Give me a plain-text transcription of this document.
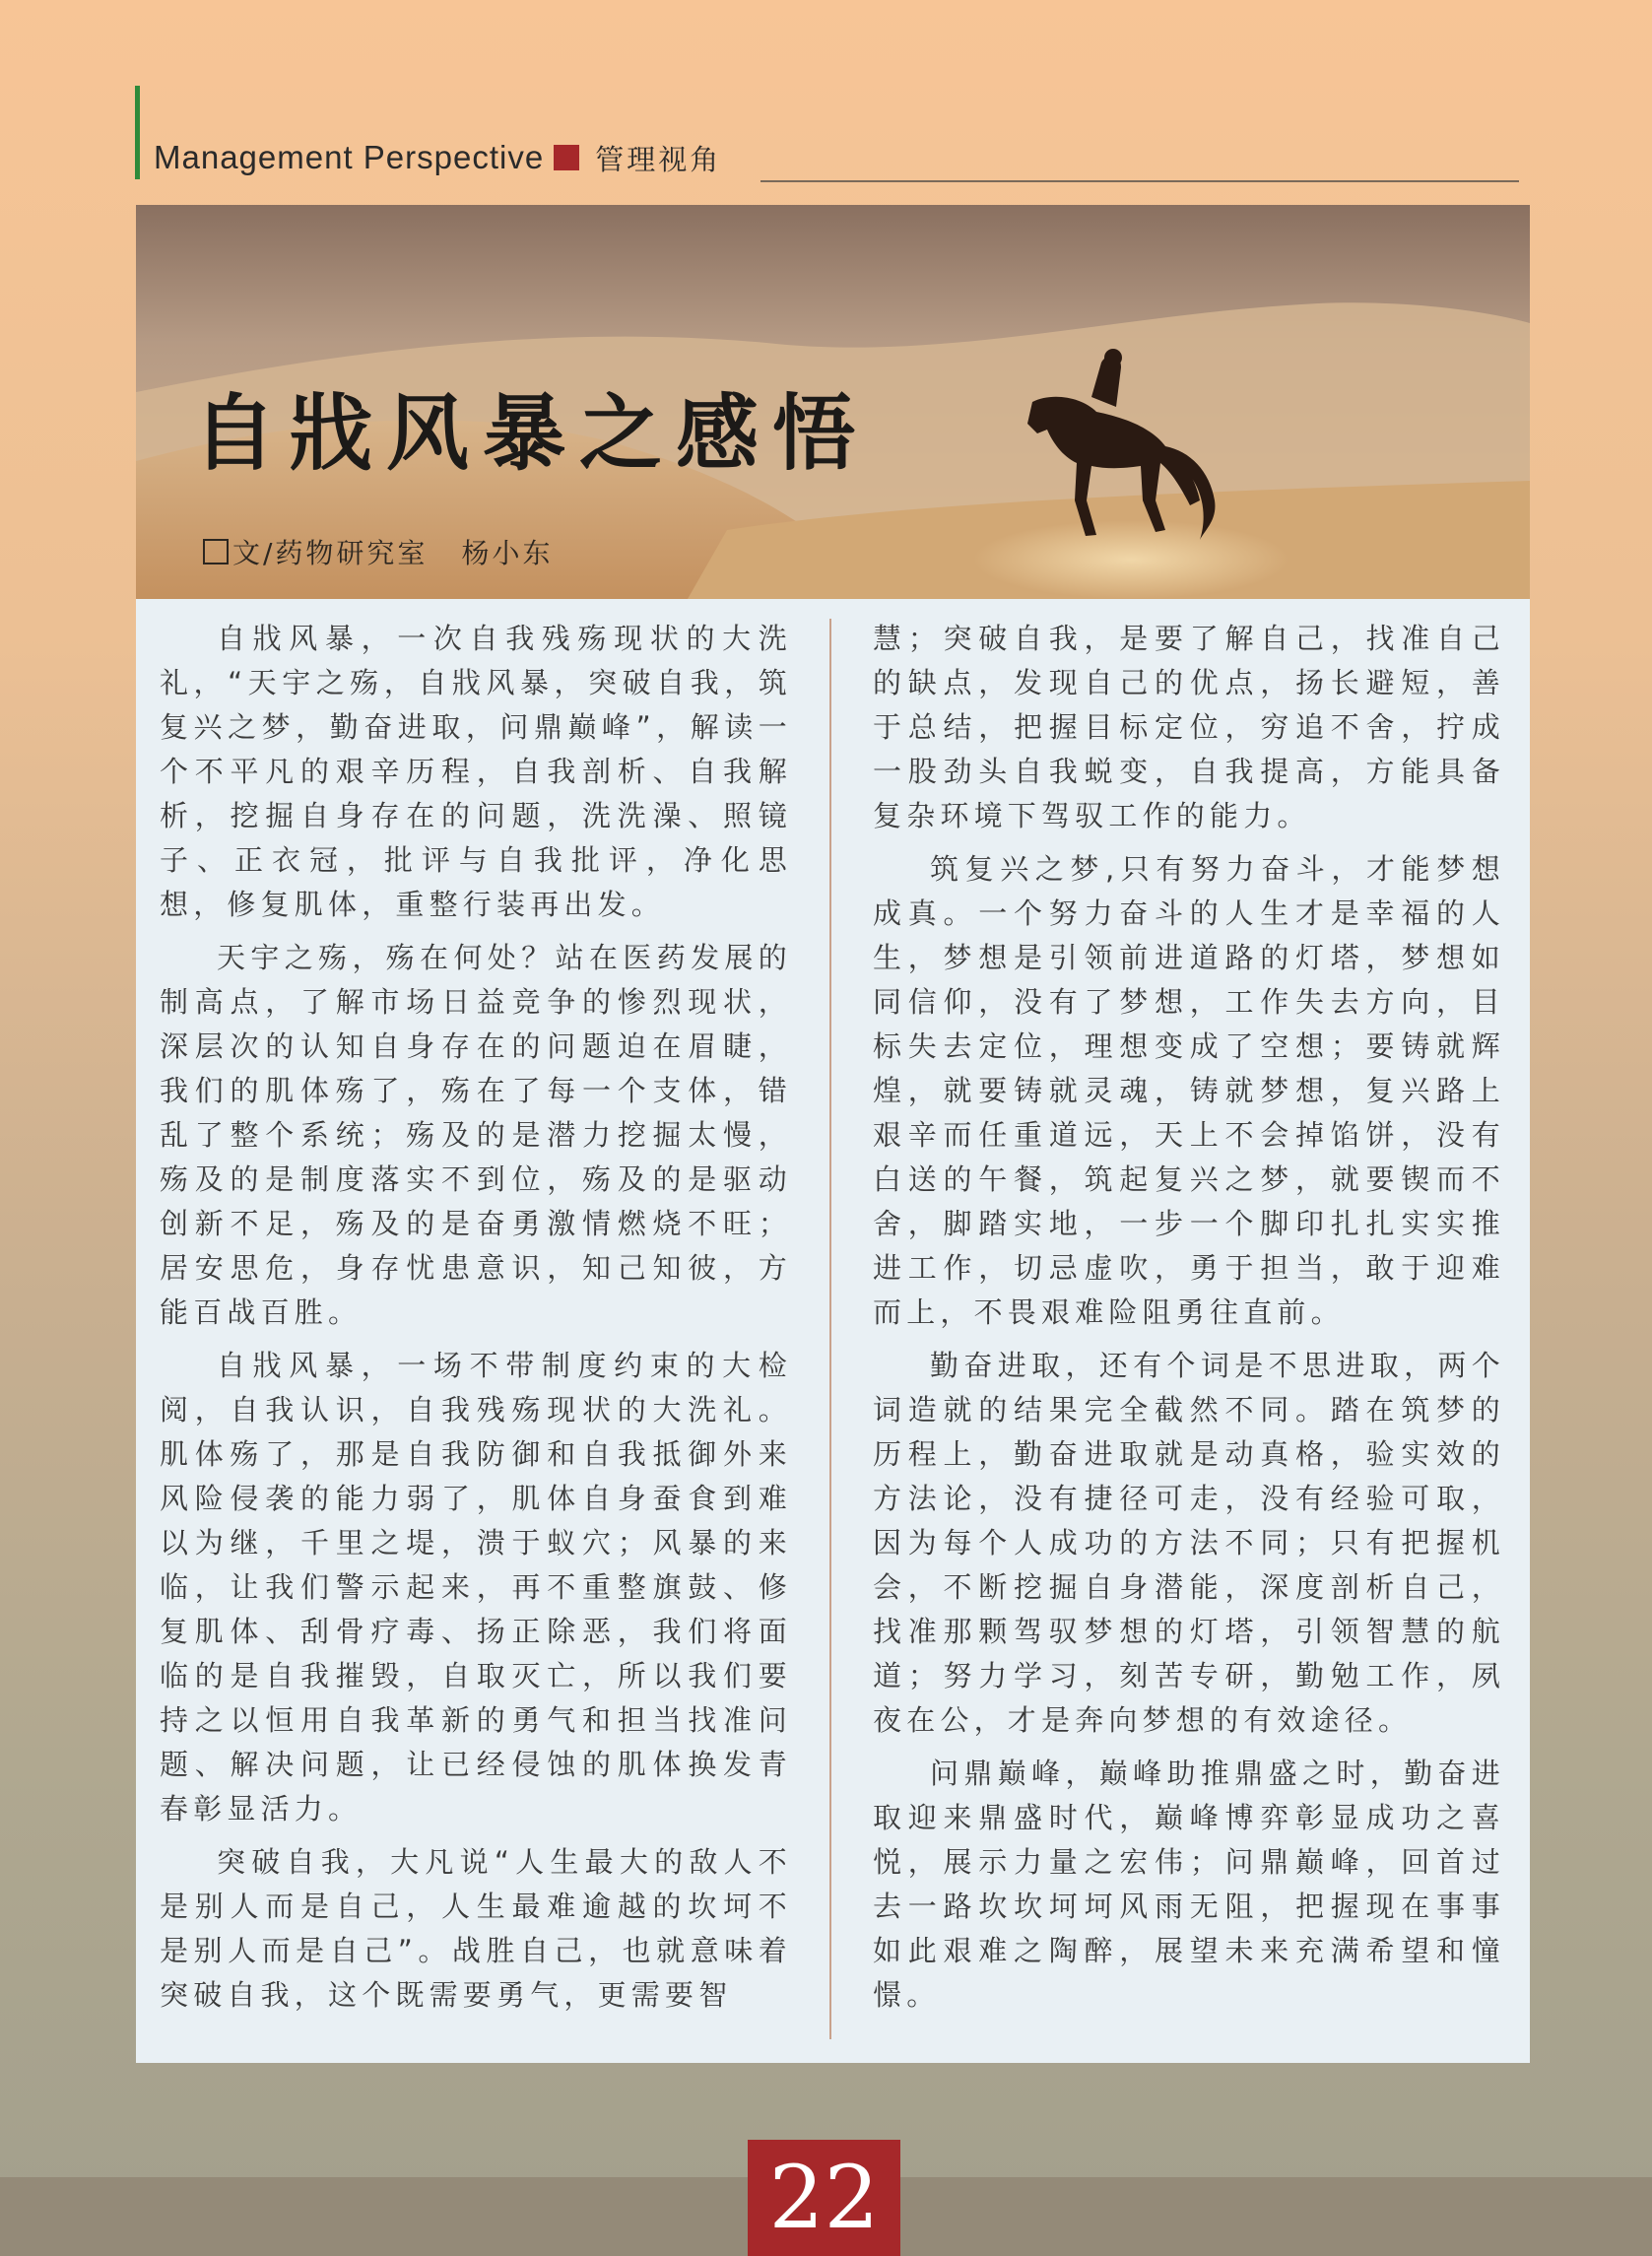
Management Perspective 管理视角
自戕风暴之感悟
文/药物研究室 杨小东

自戕风暴，一次自我残殇现状的大洗礼，“天宇之殇，自戕风暴，突破自我，筑复兴之梦，勤奋进取，问鼎巅峰”，解读一个不平凡的艰辛历程，自我剖析、自我解析，挖掘自身存在的问题，洗洗澡、照镜子、正衣冠，批评与自我批评，净化思想，修复肌体，重整行装再出发。

天宇之殇，殇在何处？站在医药发展的制高点，了解市场日益竞争的惨烈现状，深层次的认知自身存在的问题迫在眉睫，我们的肌体殇了，殇在了每一个支体，错乱了整个系统；殇及的是潜力挖掘太慢，殇及的是制度落实不到位，殇及的是驱动创新不足，殇及的是奋勇激情燃烧不旺；居安思危，身存忧患意识，知己知彼，方能百战百胜。

自戕风暴，一场不带制度约束的大检阅，自我认识，自我残殇现状的大洗礼。肌体殇了，那是自我防御和自我抵御外来风险侵袭的能力弱了，肌体自身蚕食到难以为继，千里之堤，溃于蚁穴；风暴的来临，让我们警示起来，再不重整旗鼓、修复肌体、刮骨疗毒、扬正除恶，我们将面临的是自我摧毁，自取灭亡，所以我们要持之以恒用自我革新的勇气和担当找准问题、解决问题，让已经侵蚀的肌体换发青春彰显活力。

突破自我，大凡说“人生最大的敌人不是别人而是自己，人生最难逾越的坎坷不是别人而是自己”。战胜自己，也就意味着突破自我，这个既需要勇气，更需要智

慧；突破自我，是要了解自己，找准自己的缺点，发现自己的优点，扬长避短，善于总结，把握目标定位，穷追不舍，拧成一股劲头自我蜕变，自我提高，方能具备复杂环境下驾驭工作的能力。

筑复兴之梦,只有努力奋斗，才能梦想成真。一个努力奋斗的人生才是幸福的人生，梦想是引领前进道路的灯塔，梦想如同信仰，没有了梦想，工作失去方向，目标失去定位，理想变成了空想；要铸就辉煌，就要铸就灵魂，铸就梦想，复兴路上艰辛而任重道远，天上不会掉馅饼，没有白送的午餐，筑起复兴之梦，就要锲而不舍，脚踏实地，一步一个脚印扎扎实实推进工作，切忌虚吹，勇于担当，敢于迎难而上，不畏艰难险阻勇往直前。

勤奋进取，还有个词是不思进取，两个词造就的结果完全截然不同。踏在筑梦的历程上，勤奋进取就是动真格，验实效的方法论，没有捷径可走，没有经验可取，因为每个人成功的方法不同；只有把握机会，不断挖掘自身潜能，深度剖析自己，找准那颗驾驭梦想的灯塔，引领智慧的航道；努力学习，刻苦专研，勤勉工作，夙夜在公，才是奔向梦想的有效途径。

问鼎巅峰，巅峰助推鼎盛之时，勤奋进取迎来鼎盛时代，巅峰博弈彰显成功之喜悦，展示力量之宏伟；问鼎巅峰，回首过去一路坎坎坷坷风雨无阻，把握现在事事如此艰难之陶醉，展望未来充满希望和憧憬。

22
